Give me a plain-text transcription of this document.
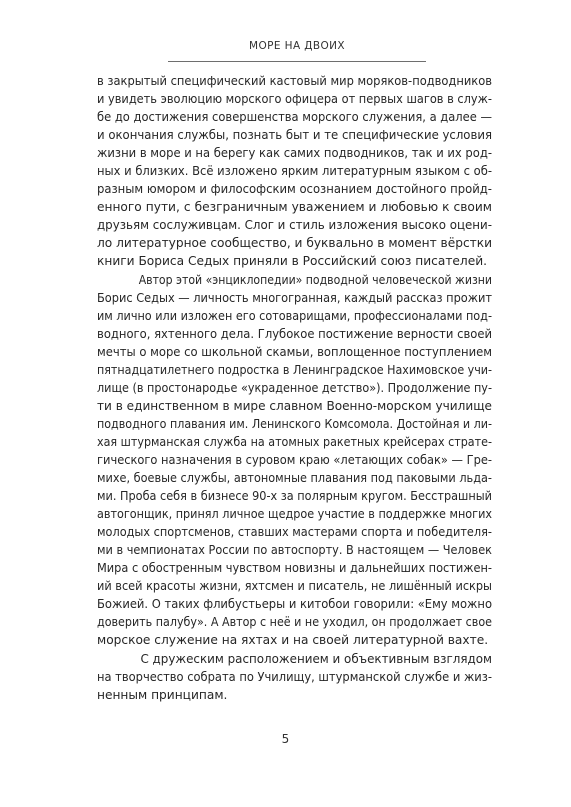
МОРЕ НА ДВОИХ
в закрытый специфический кастовый мир моряков-подводников
и увидеть эволюцию морского офицера от первых шагов в служ-
бе до достижения совершенства морского служения, а далее —
и окончания службы, познать быт и те специфические условия
жизни в море и на берегу как самих подводников, так и их род-
ных и близких. Всё изложено ярким литературным языком с об-
разным юмором и философским осознанием достойного пройд-
енного пути, с безграничным уважением и любовью к своим
друзьям сослуживцам. Слог и стиль изложения высоко оцени-
ло литературное сообщество, и буквально в момент вёрстки
книги Бориса Седых приняли в Российский союз писателей.
Автор этой «энциклопедии» подводной человеческой жизни
Борис Седых — личность многогранная, каждый рассказ прожит
им лично или изложен его сотоварищами, профессионалами под-
водного, яхтенного дела. Глубокое постижение верности своей
мечты о море со школьной скамьи, воплощенное поступлением
пятнадцатилетнего подростка в Ленинградское Нахимовское учи-
лище (в простонародье «украденное детство»). Продолжение пу-
ти в единственном в мире славном Военно-морском училище
подводного плавания им. Ленинского Комсомола. Достойная и ли-
хая штурманская служба на атомных ракетных крейсерах страте-
гического назначения в суровом краю «летающих собак» — Гре-
михе, боевые службы, автономные плавания под паковыми льда-
ми. Проба себя в бизнесе 90-х за полярным кругом. Бесстрашный
автогонщик, принял личное щедрое участие в поддержке многих
молодых спортсменов, ставших мастерами спорта и победителя-
ми в чемпионатах России по автоспорту. В настоящем — Человек
Мира с обостренным чувством новизны и дальнейших постижен-
ий всей красоты жизни, яхтсмен и писатель, не лишённый искры
Божией. О таких флибустьеры и китобои говорили: «Ему можно
доверить палубу». А Автор с неё и не уходил, он продолжает свое
морское служение на яхтах и на своей литературной вахте.
С дружеским расположением и объективным взглядом
на творчество собрата по Училищу, штурманской службе и жиз-
ненным принципам.
5
